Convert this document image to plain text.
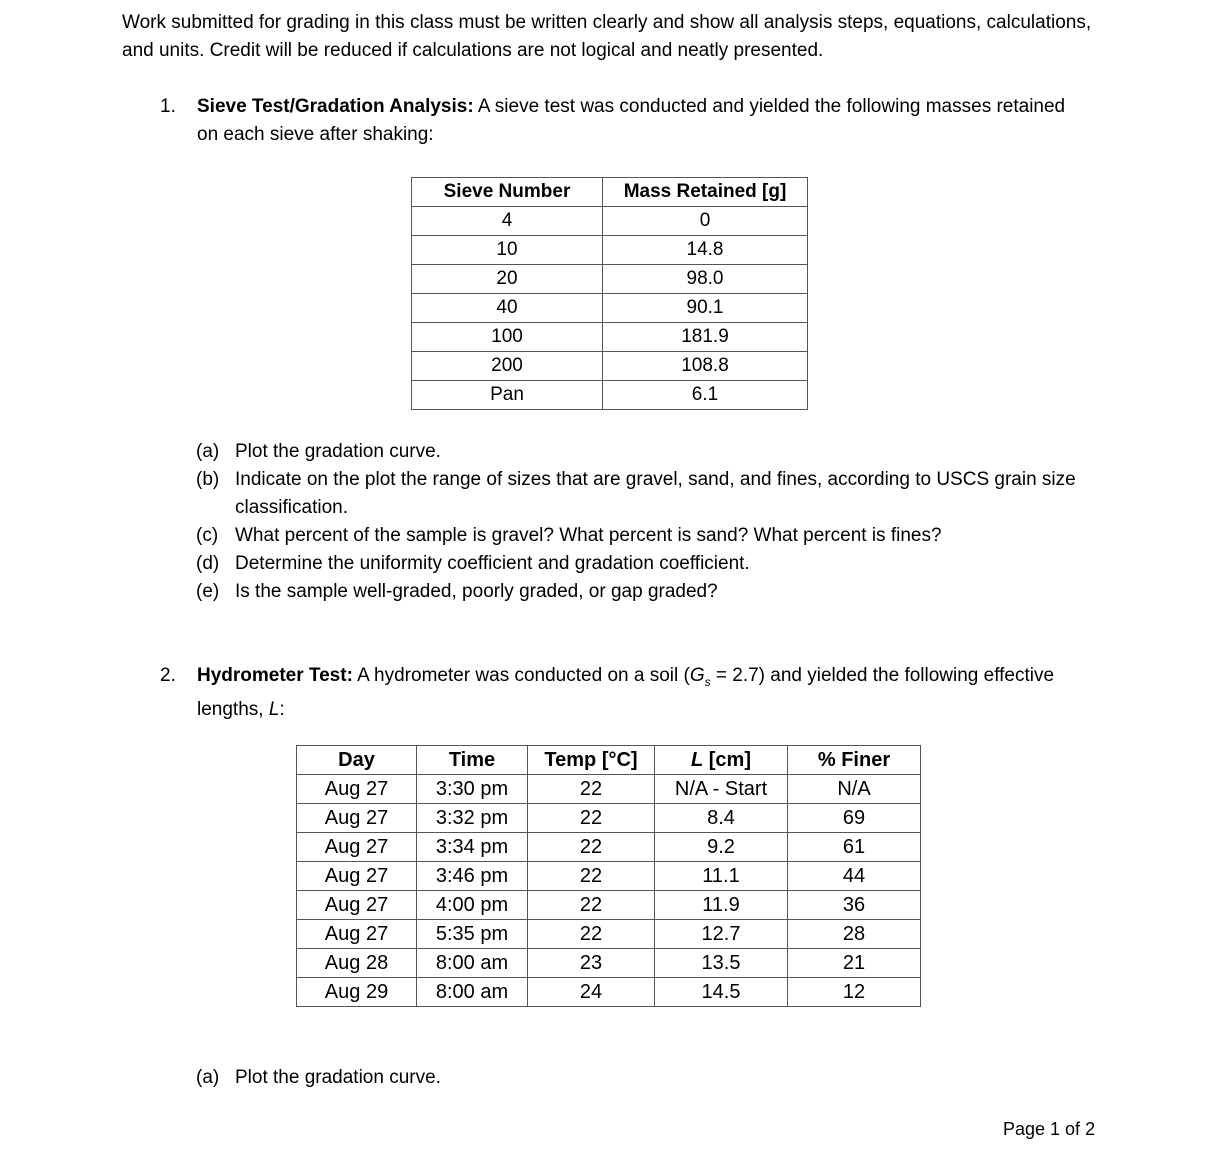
Work submitted for grading in this class must be written clearly and show all analysis steps, equations, calculations, and units. Credit will be reduced if calculations are not logical and neatly presented.
1. Sieve Test/Gradation Analysis: A sieve test was conducted and yielded the following masses retained on each sieve after shaking:
Sieve Number	Mass Retained [g]
4	0
10	14.8
20	98.0
40	90.1
100	181.9
200	108.8
Pan	6.1
(a) Plot the gradation curve.
(b) Indicate on the plot the range of sizes that are gravel, sand, and fines, according to USCS grain size classification.
(c) What percent of the sample is gravel? What percent is sand? What percent is fines?
(d) Determine the uniformity coefficient and gradation coefficient.
(e) Is the sample well-graded, poorly graded, or gap graded?
2. Hydrometer Test: A hydrometer was conducted on a soil $(G_s = 2.7)$ and yielded the following effective lengths, L:
Day	Time	Temp [°C]	L [cm]	% Finer
Aug 27	3:30 pm	22	N/A - Start	N/A
Aug 27	3:32 pm	22	8.4	69
Aug 27	3:34 pm	22	9.2	61
Aug 27	3:46 pm	22	11.1	44
Aug 27	4:00 pm	22	11.9	36
Aug 27	5:35 pm	22	12.7	28
Aug 28	8:00 am	23	13.5	21
Aug 29	8:00 am	24	14.5	12
(a) Plot the gradation curve.
Page 1 of 2
